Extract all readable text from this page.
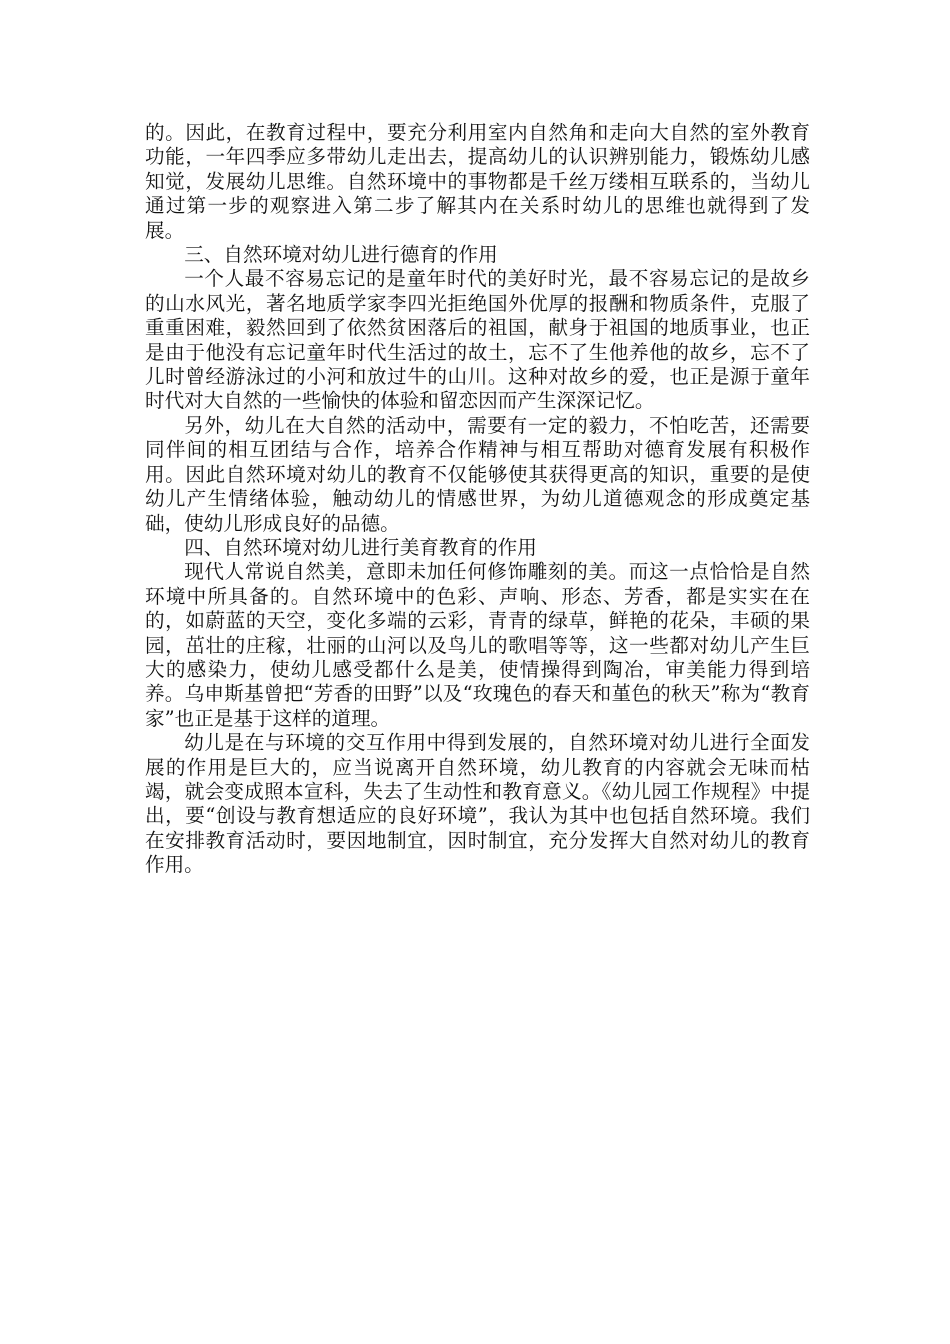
的。因此，在教育过程中，要充分利用室内自然角和走向大自然的室外教育功能，一年四季应多带幼儿走出去，提高幼儿的认识辨别能力，锻炼幼儿感知觉，发展幼儿思维。自然环境中的事物都是千丝万缕相互联系的，当幼儿通过第一步的观察进入第二步了解其内在关系时幼儿的思维也就得到了发展。

三、自然环境对幼儿进行德育的作用

一个人最不容易忘记的是童年时代的美好时光，最不容易忘记的是故乡的山水风光，著名地质学家李四光拒绝国外优厚的报酬和物质条件，克服了重重困难，毅然回到了依然贫困落后的祖国，献身于祖国的地质事业，也正是由于他没有忘记童年时代生活过的故土，忘不了生他养他的故乡，忘不了儿时曾经游泳过的小河和放过牛的山川。这种对故乡的爱，也正是源于童年时代对大自然的一些愉快的体验和留恋因而产生深深记忆。

另外，幼儿在大自然的活动中，需要有一定的毅力，不怕吃苦，还需要同伴间的相互团结与合作，培养合作精神与相互帮助对德育发展有积极作用。因此自然环境对幼儿的教育不仅能够使其获得更高的知识，重要的是使幼儿产生情绪体验，触动幼儿的情感世界，为幼儿道德观念的形成奠定基础，使幼儿形成良好的品德。

四、自然环境对幼儿进行美育教育的作用

现代人常说自然美，意即未加任何修饰雕刻的美。而这一点恰恰是自然环境中所具备的。自然环境中的色彩、声响、形态、芳香，都是实实在在的，如蔚蓝的天空，变化多端的云彩，青青的绿草，鲜艳的花朵，丰硕的果园，茁壮的庄稼，壮丽的山河以及鸟儿的歌唱等等，这一些都对幼儿产生巨大的感染力，使幼儿感受都什么是美，使情操得到陶冶，审美能力得到培养。乌申斯基曾把“芳香的田野”以及“玫瑰色的春天和堇色的秋天”称为“教育家”也正是基于这样的道理。

幼儿是在与环境的交互作用中得到发展的，自然环境对幼儿进行全面发展的作用是巨大的，应当说离开自然环境，幼儿教育的内容就会无味而枯竭，就会变成照本宣科，失去了生动性和教育意义。《幼儿园工作规程》中提出，要“创设与教育想适应的良好环境”，我认为其中也包括自然环境。我们在安排教育活动时，要因地制宜，因时制宜，充分发挥大自然对幼儿的教育作用。
